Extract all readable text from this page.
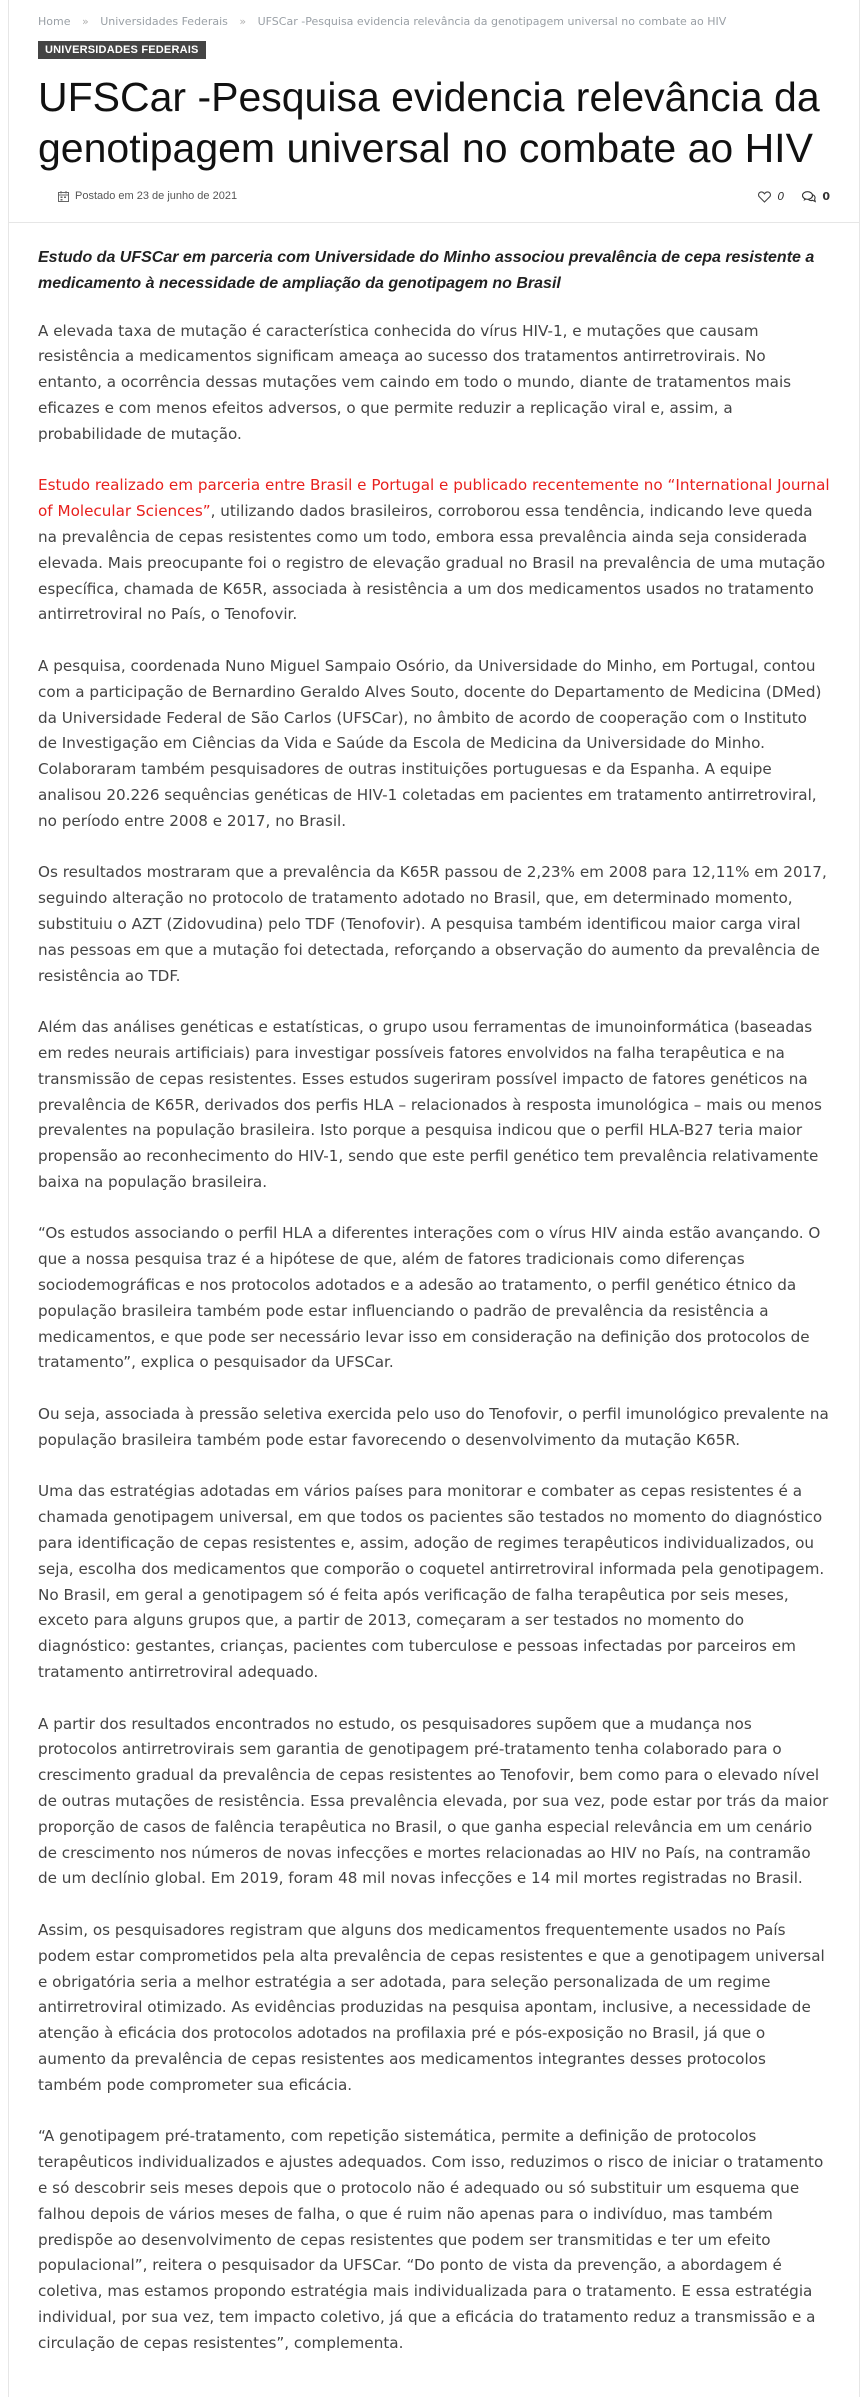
Home » Universidades Federais » UFSCar -Pesquisa evidencia relevância da genotipagem universal no combate ao HIV
UNIVERSIDADES FEDERAIS
UFSCar -Pesquisa evidencia relevância da genotipagem universal no combate ao HIV
Postado em 23 de junho de 2021	0	0

Estudo da UFSCar em parceria com Universidade do Minho associou prevalência de cepa resistente a medicamento à necessidade de ampliação da genotipagem no Brasil

A elevada taxa de mutação é característica conhecida do vírus HIV-1, e mutações que causam resistência a medicamentos significam ameaça ao sucesso dos tratamentos antirretrovirais. No entanto, a ocorrência dessas mutações vem caindo em todo o mundo, diante de tratamentos mais eficazes e com menos efeitos adversos, o que permite reduzir a replicação viral e, assim, a probabilidade de mutação.

Estudo realizado em parceria entre Brasil e Portugal e publicado recentemente no “International Journal of Molecular Sciences”, utilizando dados brasileiros, corroborou essa tendência, indicando leve queda na prevalência de cepas resistentes como um todo, embora essa prevalência ainda seja considerada elevada. Mais preocupante foi o registro de elevação gradual no Brasil na prevalência de uma mutação específica, chamada de K65R, associada à resistência a um dos medicamentos usados no tratamento antirretroviral no País, o Tenofovir.

A pesquisa, coordenada Nuno Miguel Sampaio Osório, da Universidade do Minho, em Portugal, contou com a participação de Bernardino Geraldo Alves Souto, docente do Departamento de Medicina (DMed) da Universidade Federal de São Carlos (UFSCar), no âmbito de acordo de cooperação com o Instituto de Investigação em Ciências da Vida e Saúde da Escola de Medicina da Universidade do Minho. Colaboraram também pesquisadores de outras instituições portuguesas e da Espanha. A equipe analisou 20.226 sequências genéticas de HIV-1 coletadas em pacientes em tratamento antirretroviral, no período entre 2008 e 2017, no Brasil.

Os resultados mostraram que a prevalência da K65R passou de 2,23% em 2008 para 12,11% em 2017, seguindo alteração no protocolo de tratamento adotado no Brasil, que, em determinado momento, substituiu o AZT (Zidovudina) pelo TDF (Tenofovir). A pesquisa também identificou maior carga viral nas pessoas em que a mutação foi detectada, reforçando a observação do aumento da prevalência de resistência ao TDF.

Além das análises genéticas e estatísticas, o grupo usou ferramentas de imunoinformática (baseadas em redes neurais artificiais) para investigar possíveis fatores envolvidos na falha terapêutica e na transmissão de cepas resistentes. Esses estudos sugeriram possível impacto de fatores genéticos na prevalência de K65R, derivados dos perfis HLA – relacionados à resposta imunológica – mais ou menos prevalentes na população brasileira. Isto porque a pesquisa indicou que o perfil HLA-B27 teria maior propensão ao reconhecimento do HIV-1, sendo que este perfil genético tem prevalência relativamente baixa na população brasileira.

“Os estudos associando o perfil HLA a diferentes interações com o vírus HIV ainda estão avançando. O que a nossa pesquisa traz é a hipótese de que, além de fatores tradicionais como diferenças sociodemográficas e nos protocolos adotados e a adesão ao tratamento, o perfil genético étnico da população brasileira também pode estar influenciando o padrão de prevalência da resistência a medicamentos, e que pode ser necessário levar isso em consideração na definição dos protocolos de tratamento”, explica o pesquisador da UFSCar.

Ou seja, associada à pressão seletiva exercida pelo uso do Tenofovir, o perfil imunológico prevalente na população brasileira também pode estar favorecendo o desenvolvimento da mutação K65R.

Uma das estratégias adotadas em vários países para monitorar e combater as cepas resistentes é a chamada genotipagem universal, em que todos os pacientes são testados no momento do diagnóstico para identificação de cepas resistentes e, assim, adoção de regimes terapêuticos individualizados, ou seja, escolha dos medicamentos que comporão o coquetel antirretroviral informada pela genotipagem. No Brasil, em geral a genotipagem só é feita após verificação de falha terapêutica por seis meses, exceto para alguns grupos que, a partir de 2013, começaram a ser testados no momento do diagnóstico: gestantes, crianças, pacientes com tuberculose e pessoas infectadas por parceiros em tratamento antirretroviral adequado.

A partir dos resultados encontrados no estudo, os pesquisadores supõem que a mudança nos protocolos antirretrovirais sem garantia de genotipagem pré-tratamento tenha colaborado para o crescimento gradual da prevalência de cepas resistentes ao Tenofovir, bem como para o elevado nível de outras mutações de resistência. Essa prevalência elevada, por sua vez, pode estar por trás da maior proporção de casos de falência terapêutica no Brasil, o que ganha especial relevância em um cenário de crescimento nos números de novas infecções e mortes relacionadas ao HIV no País, na contramão de um declínio global. Em 2019, foram 48 mil novas infecções e 14 mil mortes registradas no Brasil.

Assim, os pesquisadores registram que alguns dos medicamentos frequentemente usados no País podem estar comprometidos pela alta prevalência de cepas resistentes e que a genotipagem universal e obrigatória seria a melhor estratégia a ser adotada, para seleção personalizada de um regime antirretroviral otimizado. As evidências produzidas na pesquisa apontam, inclusive, a necessidade de atenção à eficácia dos protocolos adotados na profilaxia pré e pós-exposição no Brasil, já que o aumento da prevalência de cepas resistentes aos medicamentos integrantes desses protocolos também pode comprometer sua eficácia.

“A genotipagem pré-tratamento, com repetição sistemática, permite a definição de protocolos terapêuticos individualizados e ajustes adequados. Com isso, reduzimos o risco de iniciar o tratamento e só descobrir seis meses depois que o protocolo não é adequado ou só substituir um esquema que falhou depois de vários meses de falha, o que é ruim não apenas para o indivíduo, mas também predispõe ao desenvolvimento de cepas resistentes que podem ser transmitidas e ter um efeito populacional”, reitera o pesquisador da UFSCar. “Do ponto de vista da prevenção, a abordagem é coletiva, mas estamos propondo estratégia mais individualizada para o tratamento. E essa estratégia individual, por sua vez, tem impacto coletivo, já que a eficácia do tratamento reduz a transmissão e a circulação de cepas resistentes”, complementa.
